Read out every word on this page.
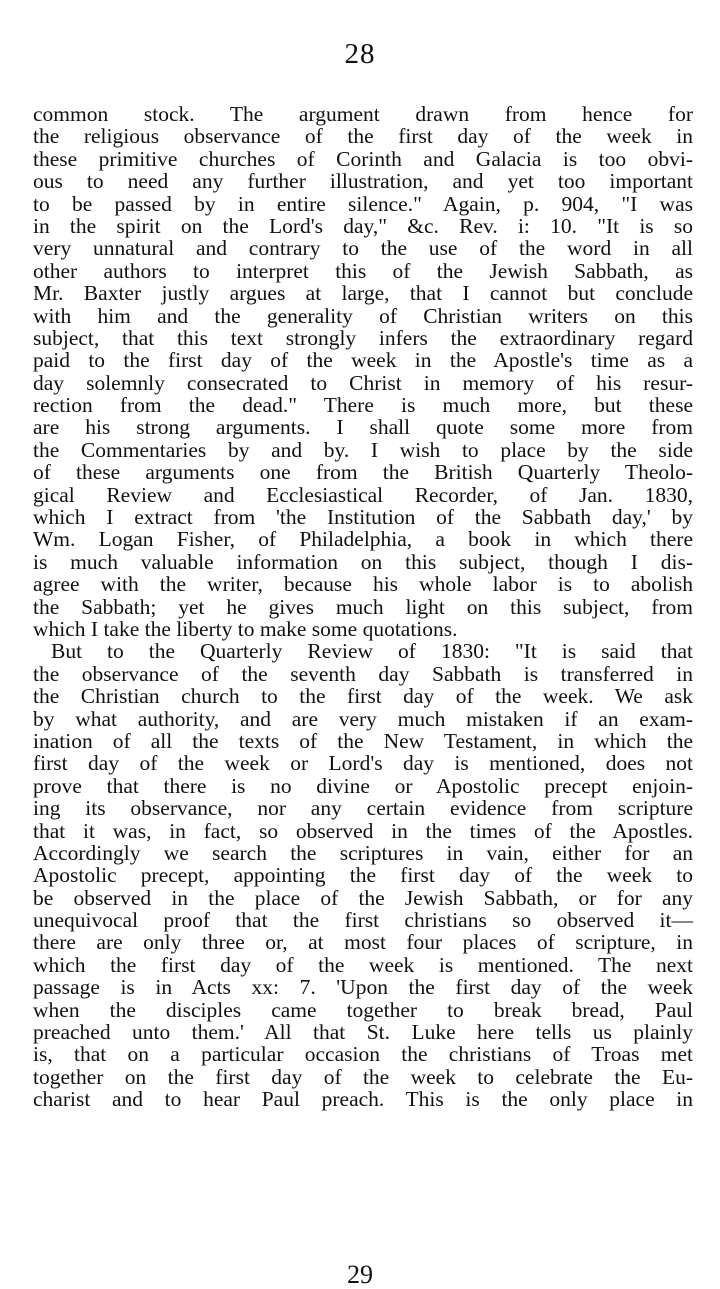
28
common stock. The argument drawn from hence for
the religious observance of the first day of the week in
these primitive churches of Corinth and Galacia is too obvi-
ous to need any further illustration, and yet too important
to be passed by in entire silence." Again, p. 904, "I was
in the spirit on the Lord's day," &c. Rev. i: 10. "It is so
very unnatural and contrary to the use of the word in all
other authors to interpret this of the Jewish Sabbath, as
Mr. Baxter justly argues at large, that I cannot but conclude
with him and the generality of Christian writers on this
subject, that this text strongly infers the extraordinary regard
paid to the first day of the week in the Apostle's time as a
day solemnly consecrated to Christ in memory of his resur-
rection from the dead." There is much more, but these
are his strong arguments. I shall quote some more from
the Commentaries by and by. I wish to place by the side
of these arguments one from the British Quarterly Theolo-
gical Review and Ecclesiastical Recorder, of Jan. 1830,
which I extract from 'the Institution of the Sabbath day,' by
Wm. Logan Fisher, of Philadelphia, a book in which there
is much valuable information on this subject, though I dis-
agree with the writer, because his whole labor is to abolish
the Sabbath; yet he gives much light on this subject, from
which I take the liberty to make some quotations.
But to the Quarterly Review of 1830: "It is said that
the observance of the seventh day Sabbath is transferred in
the Christian church to the first day of the week. We ask
by what authority, and are very much mistaken if an exam-
ination of all the texts of the New Testament, in which the
first day of the week or Lord's day is mentioned, does not
prove that there is no divine or Apostolic precept enjoin-
ing its observance, nor any certain evidence from scripture
that it was, in fact, so observed in the times of the Apostles.
Accordingly we search the scriptures in vain, either for an
Apostolic precept, appointing the first day of the week to
be observed in the place of the Jewish Sabbath, or for any
unequivocal proof that the first christians so observed it—
there are only three or, at most four places of scripture, in
which the first day of the week is mentioned. The next
passage is in Acts xx: 7. 'Upon the first day of the week
when the disciples came together to break bread, Paul
preached unto them.' All that St. Luke here tells us plainly
is, that on a particular occasion the christians of Troas met
together on the first day of the week to celebrate the Eu-
charist and to hear Paul preach. This is the only place in
29
